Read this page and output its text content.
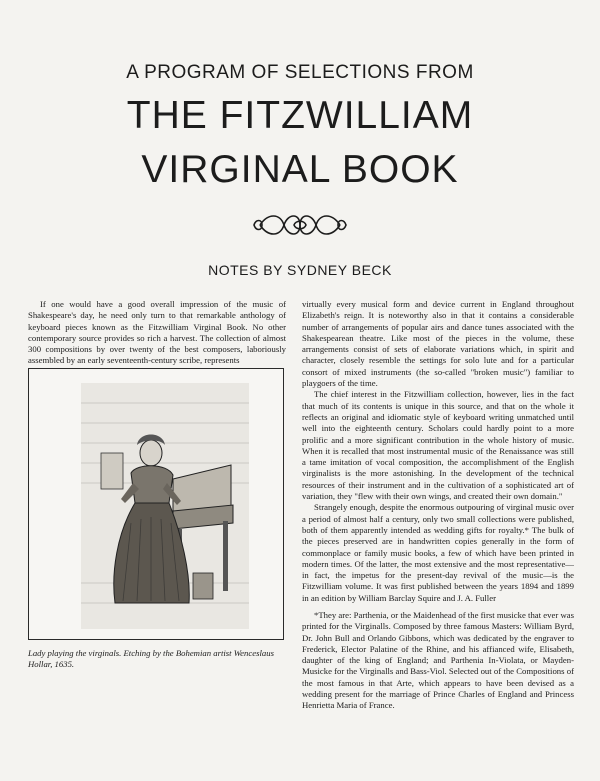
A PROGRAM OF SELECTIONS FROM
THE FITZWILLIAM
VIRGINAL BOOK
NOTES BY SYDNEY BECK

If one would have a good overall impression of the music of Shakespeare's day, he need only turn to that remarkable anthology of keyboard pieces known as the Fitzwilliam Virginal Book. No other contemporary source provides so rich a harvest. The collection of almost 300 compositions by over twenty of the best composers, laboriously assembled by an early seventeenth-century scribe, represents

Lady playing the virginals. Etching by the Bohemian artist Wenceslaus Hollar, 1635.

virtually every musical form and device current in England throughout Elizabeth's reign. It is noteworthy also in that it contains a considerable number of arrangements of popular airs and dance tunes associated with the Shakespearean theatre. Like most of the pieces in the volume, these arrangements consist of sets of elaborate variations which, in spirit and character, closely resemble the settings for solo lute and for a particular consort of mixed instruments (the so-called "broken music") familiar to playgoers of the time.

The chief interest in the Fitzwilliam collection, however, lies in the fact that much of its contents is unique in this source, and that on the whole it reflects an original and idiomatic style of keyboard writing unmatched until well into the eighteenth century. Scholars could hardly point to a more prolific and a more significant contribution in the whole history of music. When it is recalled that most instrumental music of the Renaissance was still a tame imitation of vocal composition, the accomplishment of the English virginalists is the more astonishing. In the development of the technical resources of their instrument and in the cultivation of a sophisticated art of variation, they "flew with their own wings, and created their own domain."

Strangely enough, despite the enormous outpouring of virginal music over a period of almost half a century, only two small collections were published, both of them apparently intended as wedding gifts for royalty.* The bulk of the pieces preserved are in handwritten copies generally in the form of commonplace or family music books, a few of which have been printed in modern times. Of the latter, the most extensive and the most representative—in fact, the impetus for the present-day revival of the music—is the Fitzwilliam volume. It was first published between the years 1894 and 1899 in an edition by William Barclay Squire and J. A. Fuller

*They are: Parthenia, or the Maidenhead of the first musicke that ever was printed for the Virginalls. Composed by three famous Masters: William Byrd, Dr. John Bull and Orlando Gibbons, which was dedicated by the engraver to Frederick, Elector Palatine of the Rhine, and his affianced wife, Elisabeth, daughter of the king of England; and Parthenia In-Violata, or Mayden-Musicke for the Virginalls and Bass-Viol. Selected out of the Compositions of the most famous in that Arte, which appears to have been devised as a wedding present for the marriage of Prince Charles of England and Princess Henrietta Maria of France.
